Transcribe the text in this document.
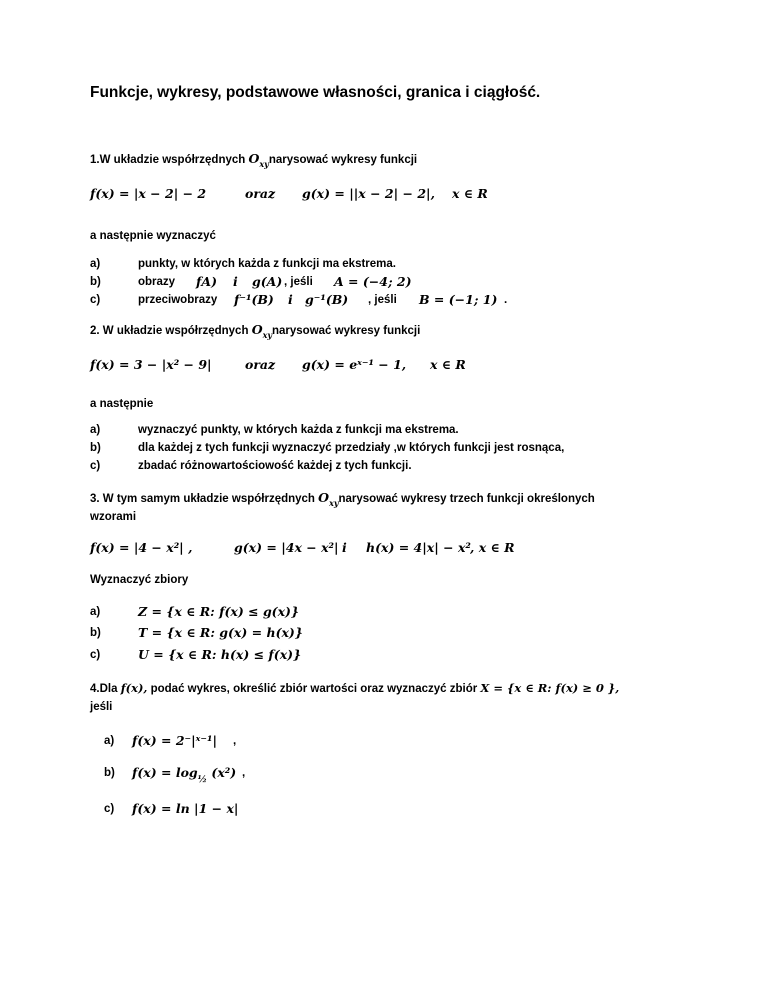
Funkcje, wykresy, podstawowe własności, granica i ciągłość.
1.W układzie współrzędnych $O_{xy}narysować$ wykresy funkcji
f(x) = |x − 2| − 2	oraz g(x) = ||x − 2| − 2|, x ∈ R
a następnie wyznaczyć
a)	punkty, w których każda z funkcji ma ekstrema.
b)	obrazy fA) i g(A) , jeśli A = (−4; 2)
c)	przeciwobrazy f⁻¹(B) i g⁻¹(B) , jeśli B = (−1; 1) .
2. W układzie współrzędnych $O_{xy}narysować$ wykresy funkcji
f(x) = 3 − |x² − 9|	oraz g(x) = eˣ⁻¹ − 1, x ∈ R
a następnie
a)	wyznaczyć punkty, w których każda z funkcji ma ekstrema.
b)	dla każdej z tych funkcji wyznaczyć przedziały ,w których funkcji jest rosnąca,
c)	zbadać różnowartościowość każdej z tych funkcji.
3. W tym samym układzie współrzędnych $O_{xy}narysować$ wykresy trzech funkcji określonych
wzorami
f(x) = |4 − x²| ,	g(x) = |4x − x²| i h(x) = 4|x| − x² , x ∈ R
Wyznaczyć zbiory
a)	Z = {x ∈ R: f(x) ≤ g(x)}
b)	T = {x ∈ R: g(x) = h(x)}
c)	U = {x ∈ R: h(x) ≤ f(x)}
4.Dla f(x), podać wykres, określić zbiór wartości oraz wyznaczyć zbiór X = {x ∈ R: f(x) ≥ 0 },
jeśli
a) f(x) = 2⁻|ˣ⁻¹| ,
b) $f(x) = \log_{\frac{1}{2}} (x^2)$ ,
c) f(x) = ln |1 − x|
